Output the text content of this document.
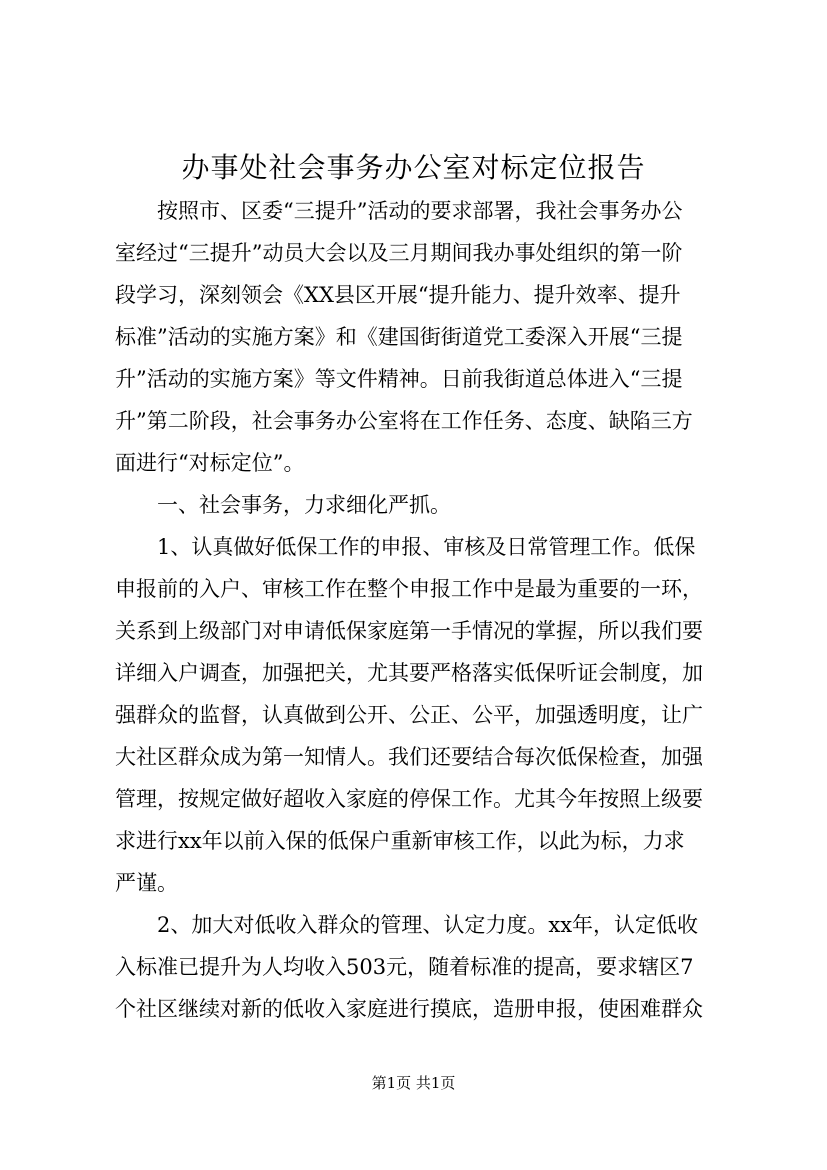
办事处社会事务办公室对标定位报告
　　按照市、区委“三提升”活动的要求部署，我社会事务办公
室经过“三提升”动员大会以及三月期间我办事处组织的第一阶
段学习，深刻领会《XX县区开展“提升能力、提升效率、提升
标准”活动的实施方案》和《建国街街道党工委深入开展“三提
升”活动的实施方案》等文件精神。日前我街道总体进入“三提
升”第二阶段，社会事务办公室将在工作任务、态度、缺陷三方
面进行“对标定位”。
　　一、社会事务，力求细化严抓。
　　1、认真做好低保工作的申报、审核及日常管理工作。低保
申报前的入户、审核工作在整个申报工作中是最为重要的一环，
关系到上级部门对申请低保家庭第一手情况的掌握，所以我们要
详细入户调查，加强把关，尤其要严格落实低保听证会制度，加
强群众的监督，认真做到公开、公正、公平，加强透明度，让广
大社区群众成为第一知情人。我们还要结合每次低保检查，加强
管理，按规定做好超收入家庭的停保工作。尤其今年按照上级要
求进行xx年以前入保的低保户重新审核工作，以此为标，力求
严谨。
　　2、加大对低收入群众的管理、认定力度。xx年，认定低收
入标准已提升为人均收入503元，随着标准的提高，要求辖区7
个社区继续对新的低收入家庭进行摸底，造册申报，使困难群众
第1页 共1页
